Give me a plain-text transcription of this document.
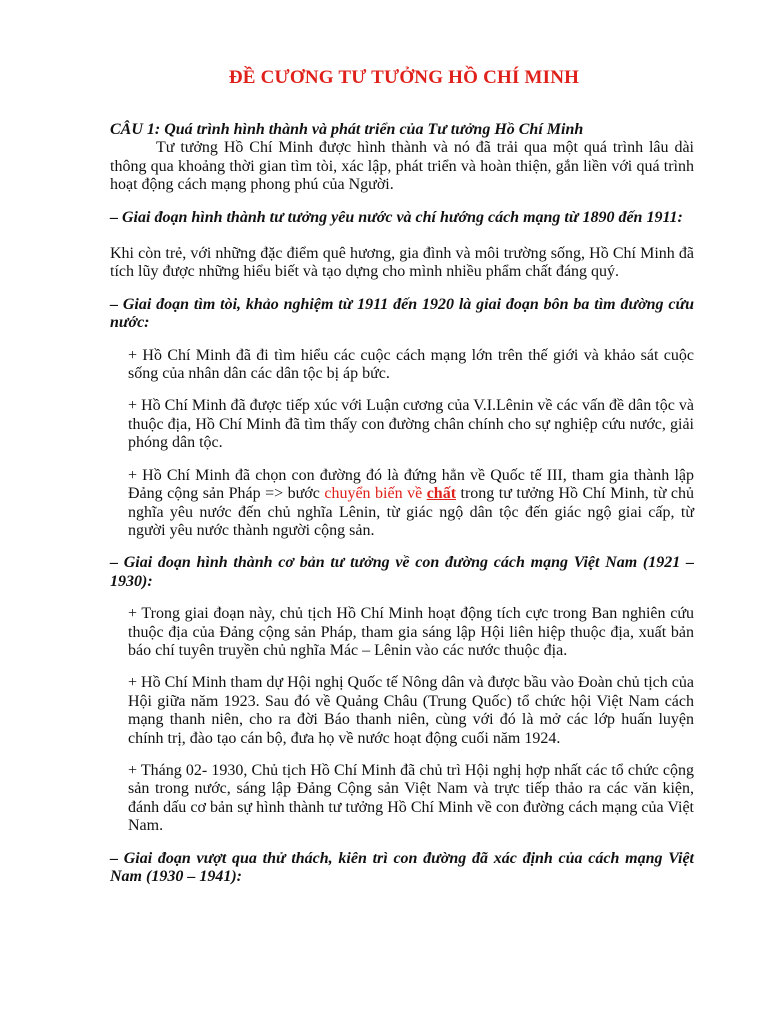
ĐỀ CƯƠNG TƯ TƯỞNG HỒ CHÍ MINH

CÂU 1: Quá trình hình thành và phát triển của Tư tưởng Hồ Chí Minh

Tư tưởng Hồ Chí Minh được hình thành và nó đã trải qua một quá trình lâu dài thông qua khoảng thời gian tìm tòi, xác lập, phát triển và hoàn thiện, gắn liền với quá trình hoạt động cách mạng phong phú của Người.

– Giai đoạn hình thành tư tưởng yêu nước và chí hướng cách mạng từ 1890 đến 1911:

Khi còn trẻ, với những đặc điểm quê hương, gia đình và môi trường sống, Hồ Chí Minh đã tích lũy được những hiểu biết và tạo dựng cho mình nhiều phẩm chất đáng quý.

– Giai đoạn tìm tòi, khảo nghiệm từ 1911 đến 1920 là giai đoạn bôn ba tìm đường cứu nước:

+ Hồ Chí Minh đã đi tìm hiểu các cuộc cách mạng lớn trên thế giới và khảo sát cuộc sống của nhân dân các dân tộc bị áp bức.

+ Hồ Chí Minh đã được tiếp xúc với Luận cương của V.I.Lênin về các vấn đề dân tộc và thuộc địa, Hồ Chí Minh đã tìm thấy con đường chân chính cho sự nghiệp cứu nước, giải phóng dân tộc.

+ Hồ Chí Minh đã chọn con đường đó là đứng hẳn về Quốc tế III, tham gia thành lập Đảng cộng sản Pháp => bước chuyển biến về chất trong tư tưởng Hồ Chí Minh, từ chủ nghĩa yêu nước đến chủ nghĩa Lênin, từ giác ngộ dân tộc đến giác ngộ giai cấp, từ người yêu nước thành người cộng sản.

– Giai đoạn hình thành cơ bản tư tưởng về con đường cách mạng Việt Nam (1921 – 1930):

+ Trong giai đoạn này, chủ tịch Hồ Chí Minh hoạt động tích cực trong Ban nghiên cứu thuộc địa của Đảng cộng sản Pháp, tham gia sáng lập Hội liên hiệp thuộc địa, xuất bản báo chí tuyên truyền chủ nghĩa Mác – Lênin vào các nước thuộc địa.

+ Hồ Chí Minh tham dự Hội nghị Quốc tế Nông dân và được bầu vào Đoàn chủ tịch của Hội giữa năm 1923. Sau đó về Quảng Châu (Trung Quốc) tổ chức hội Việt Nam cách mạng thanh niên, cho ra đời Báo thanh niên, cùng với đó là mở các lớp huấn luyện chính trị, đào tạo cán bộ, đưa họ về nước hoạt động cuối năm 1924.

+ Tháng 02- 1930, Chủ tịch Hồ Chí Minh đã chủ trì Hội nghị hợp nhất các tổ chức cộng sản trong nước, sáng lập Đảng Cộng sản Việt Nam và trực tiếp thảo ra các văn kiện, đánh dấu cơ bản sự hình thành tư tưởng Hồ Chí Minh về con đường cách mạng của Việt Nam.

– Giai đoạn vượt qua thử thách, kiên trì con đường đã xác định của cách mạng Việt Nam (1930 – 1941):
